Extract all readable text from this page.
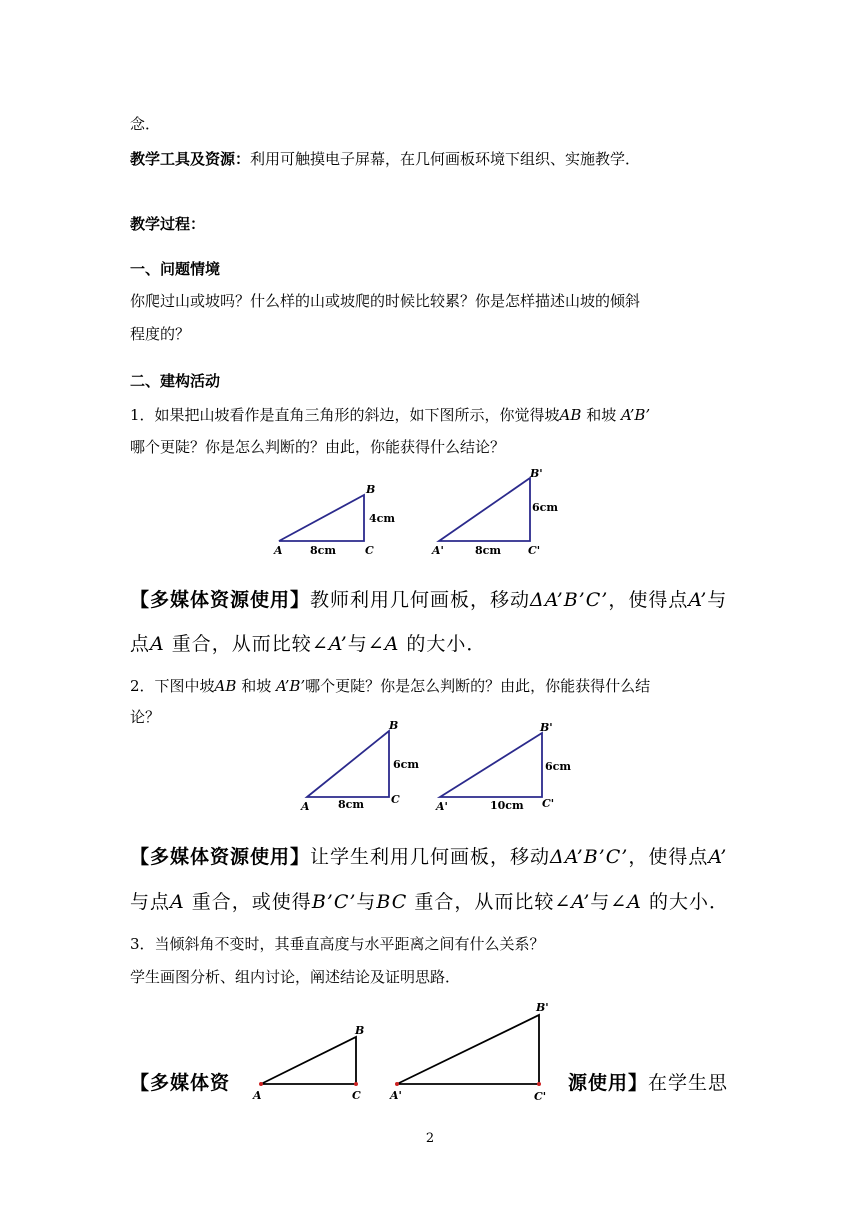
念．
教学工具及资源：利用可触摸电子屏幕，在几何画板环境下组织、实施教学．
教学过程：
一、问题情境
你爬过山或坡吗？什么样的山或坡爬的时候比较累？你是怎样描述山坡的倾斜
程度的？
二、建构活动
1．如果把山坡看作是直角三角形的斜边，如下图所示，你觉得坡AB 和坡 A’B’
哪个更陡？你是怎么判断的？由此，你能获得什么结论？
A
B
C
8cm
4cm
A'
B'
C'
8cm
6cm
【多媒体资源使用】教师利用几何画板，移动ΔA’B’C’，使得点A’与
点A 重合，从而比较∠A’与∠A 的大小．
2．下图中坡AB 和坡 A’B’哪个更陡？你是怎么判断的？由此，你能获得什么结
论？
A
B
C
8cm
6cm
A'
B'
C'
10cm
6cm
【多媒体资源使用】让学生利用几何画板，移动ΔA’B’C’，使得点A’
与点A 重合，或使得B’C’与BC 重合，从而比较∠A’与∠A 的大小．
3．当倾斜角不变时，其垂直高度与水平距离之间有什么关系？
学生画图分析、组内讨论，阐述结论及证明思路．
【多媒体资
A
B
C	A'
B'
C'
源使用】在学生思
2
